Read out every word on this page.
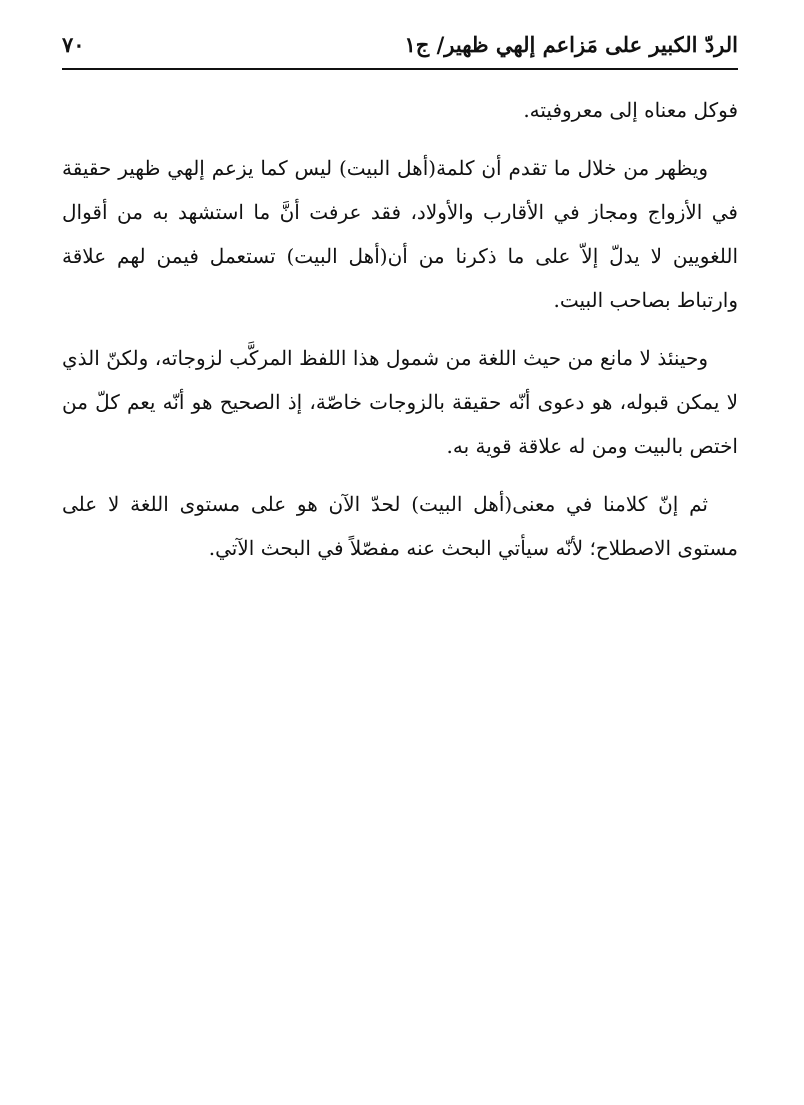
الردّ الكبير على مَزاعم إلهي ظهير/ ج١
٧٠

فوكل معناه إلى معروفيته.

ويظهر من خلال ما تقدم أن كلمة(أهل البيت) ليس كما يزعم إلهي ظهير حقيقة في الأزواج ومجاز في الأقارب والأولاد، فقد عرفت أنَّ ما استشهد به من أقوال اللغويين لا يدلّ إلاّ على ما ذكرنا من أن(أهل البيت) تستعمل فيمن لهم علاقة وارتباط بصاحب البيت.

وحينئذ لا مانع من حيث اللغة من شمول هذا اللفظ المركَّب لزوجاته، ولكنّ الذي لا يمكن قبوله، هو دعوى أنّه حقيقة بالزوجات خاصّة، إذ الصحيح هو أنّه يعم كلّ من اختص بالبيت ومن له علاقة قوية به.

ثم إنّ كلامنا في معنى(أهل البيت) لحدّ الآن هو على مستوى اللغة لا على مستوى الاصطلاح؛ لأنّه سيأتي البحث عنه مفصّلاً في البحث الآتي.
